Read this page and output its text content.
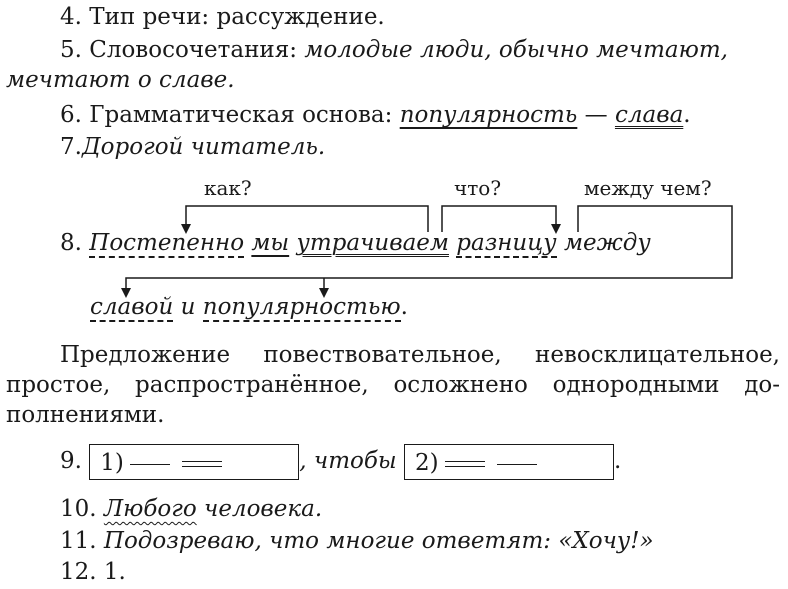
4. Тип речи: рассуждение.
5. Словосочетания: молодые люди, обычно мечтают,
мечтают о славе.
6. Грамматическая основа: популярность — слава.
7. Дорогой читатель.
как?	что?	между чем?
8. Постепенно мы утрачиваем разницу между
славой и популярностью.
Предложение повествовательное, невосклицательное,
простое, распространённое, осложнено однородными до-
полнениями.
9. 1)	, чтобы 2)	.
10. Любого человека.
11. Подозреваю, что многие ответят: «Хочу!»
12. 1.
